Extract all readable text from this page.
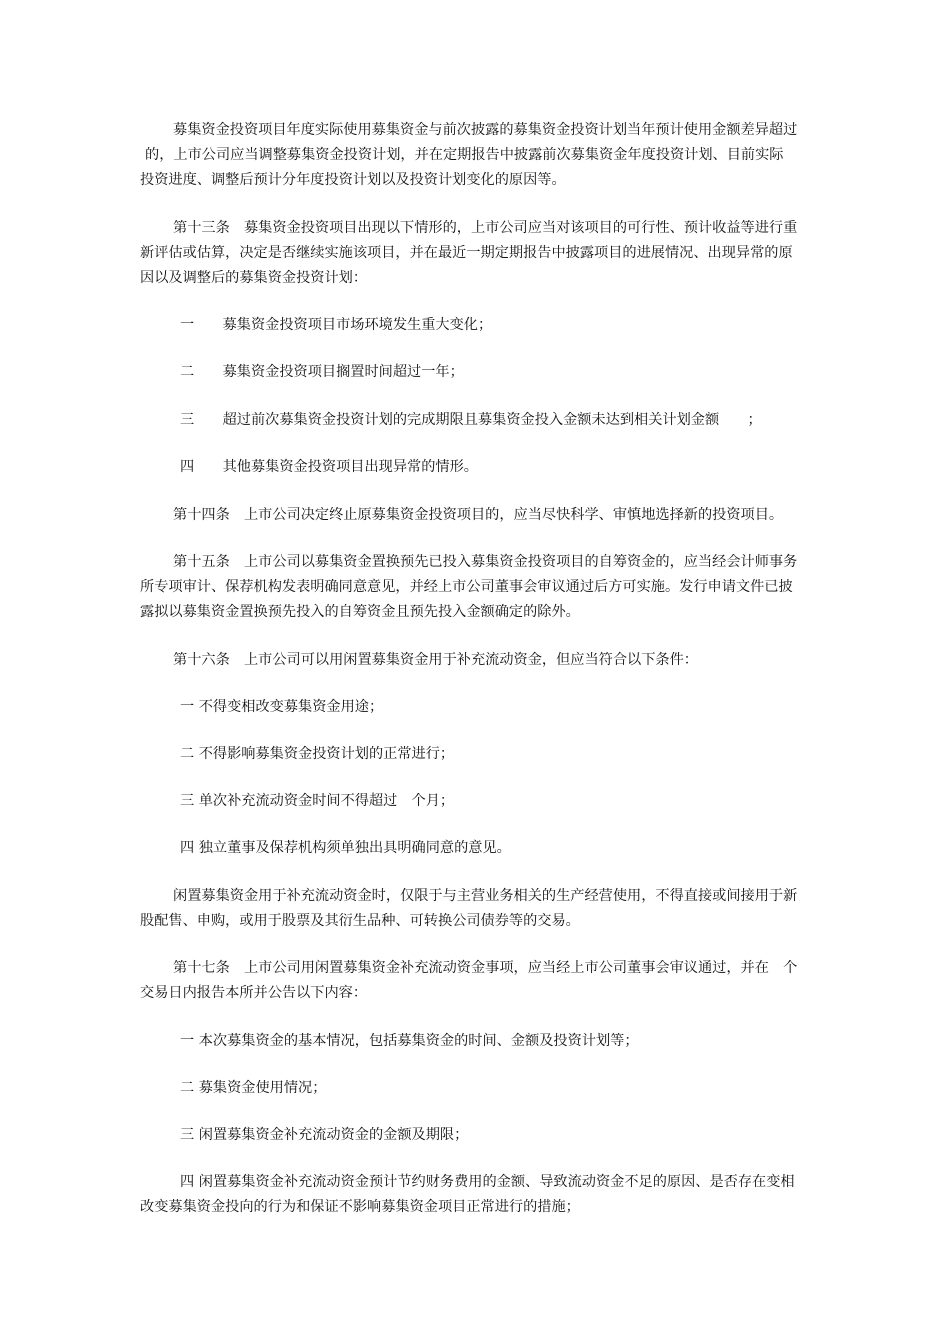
募集资金投资项目年度实际使用募集资金与前次披露的募集资金投资计划当年预计使用金额差异超过
的，上市公司应当调整募集资金投资计划，并在定期报告中披露前次募集资金年度投资计划、目前实际
投资进度、调整后预计分年度投资计划以及投资计划变化的原因等。
第十三条　募集资金投资项目出现以下情形的，上市公司应当对该项目的可行性、预计收益等进行重
新评估或估算，决定是否继续实施该项目，并在最近一期定期报告中披露项目的进展情况、出现异常的原
因以及调整后的募集资金投资计划：
一　　募集资金投资项目市场环境发生重大变化；
二　　募集资金投资项目搁置时间超过一年；
三　　超过前次募集资金投资计划的完成期限且募集资金投入金额未达到相关计划金额　　；
四　　其他募集资金投资项目出现异常的情形。
第十四条　上市公司决定终止原募集资金投资项目的，应当尽快科学、审慎地选择新的投资项目。
第十五条　上市公司以募集资金置换预先已投入募集资金投资项目的自筹资金的，应当经会计师事务
所专项审计、保荐机构发表明确同意意见，并经上市公司董事会审议通过后方可实施。发行申请文件已披
露拟以募集资金置换预先投入的自筹资金且预先投入金额确定的除外。
第十六条　上市公司可以用闲置募集资金用于补充流动资金，但应当符合以下条件：
一 不得变相改变募集资金用途；
二 不得影响募集资金投资计划的正常进行；
三 单次补充流动资金时间不得超过　个月；
四 独立董事及保荐机构须单独出具明确同意的意见。
闲置募集资金用于补充流动资金时，仅限于与主营业务相关的生产经营使用，不得直接或间接用于新
股配售、申购，或用于股票及其衍生品种、可转换公司债券等的交易。
第十七条　上市公司用闲置募集资金补充流动资金事项，应当经上市公司董事会审议通过，并在　个
交易日内报告本所并公告以下内容：
一 本次募集资金的基本情况，包括募集资金的时间、金额及投资计划等；
二 募集资金使用情况；
三 闲置募集资金补充流动资金的金额及期限；
四 闲置募集资金补充流动资金预计节约财务费用的金额、导致流动资金不足的原因、是否存在变相
改变募集资金投向的行为和保证不影响募集资金项目正常进行的措施；
